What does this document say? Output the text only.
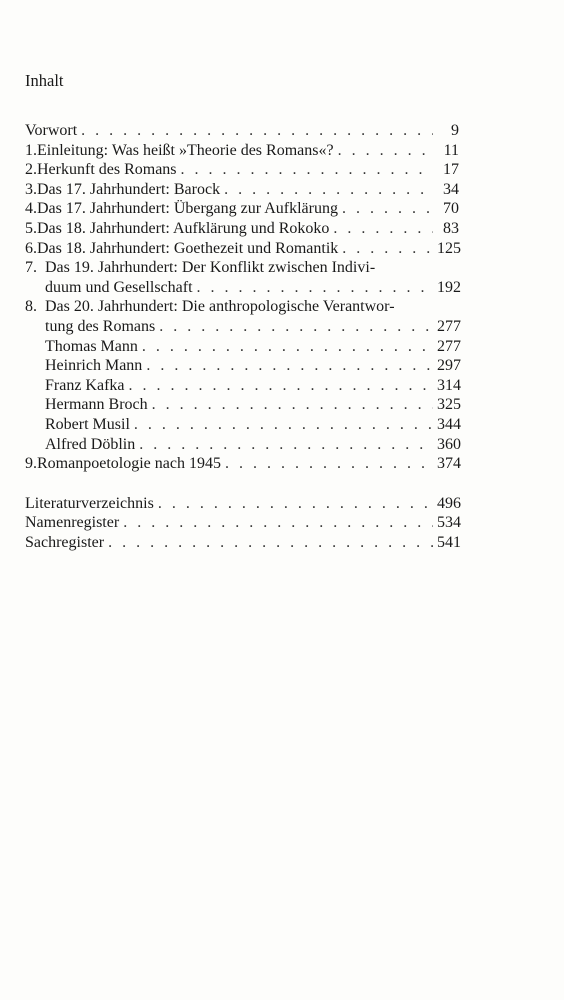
Inhalt
Vorwort . . .	9
1. Einleitung: Was heißt »Theorie des Romans«? . . .	11
2. Herkunft des Romans . . .	17
3. Das 17. Jahrhundert: Barock . . .	34
4. Das 17. Jahrhundert: Übergang zur Aufklärung . . .	70
5. Das 18. Jahrhundert: Aufklärung und Rokoko . . .	83
6. Das 18. Jahrhundert: Goethezeit und Romantik . . .	125
7. Das 19. Jahrhundert: Der Konflikt zwischen Indivi-
duum und Gesellschaft . . .	192
8. Das 20. Jahrhundert: Die anthropologische Verantwor-
tung des Romans . . .	277
Thomas Mann . . .	277
Heinrich Mann . . .	297
Franz Kafka . . .	314
Hermann Broch . . .	325
Robert Musil . . .	344
Alfred Döblin . . .	360
9. Romanpoetologie nach 1945 . . .	374
Literaturverzeichnis . . .	496
Namenregister . . .	534
Sachregister . . .	541
